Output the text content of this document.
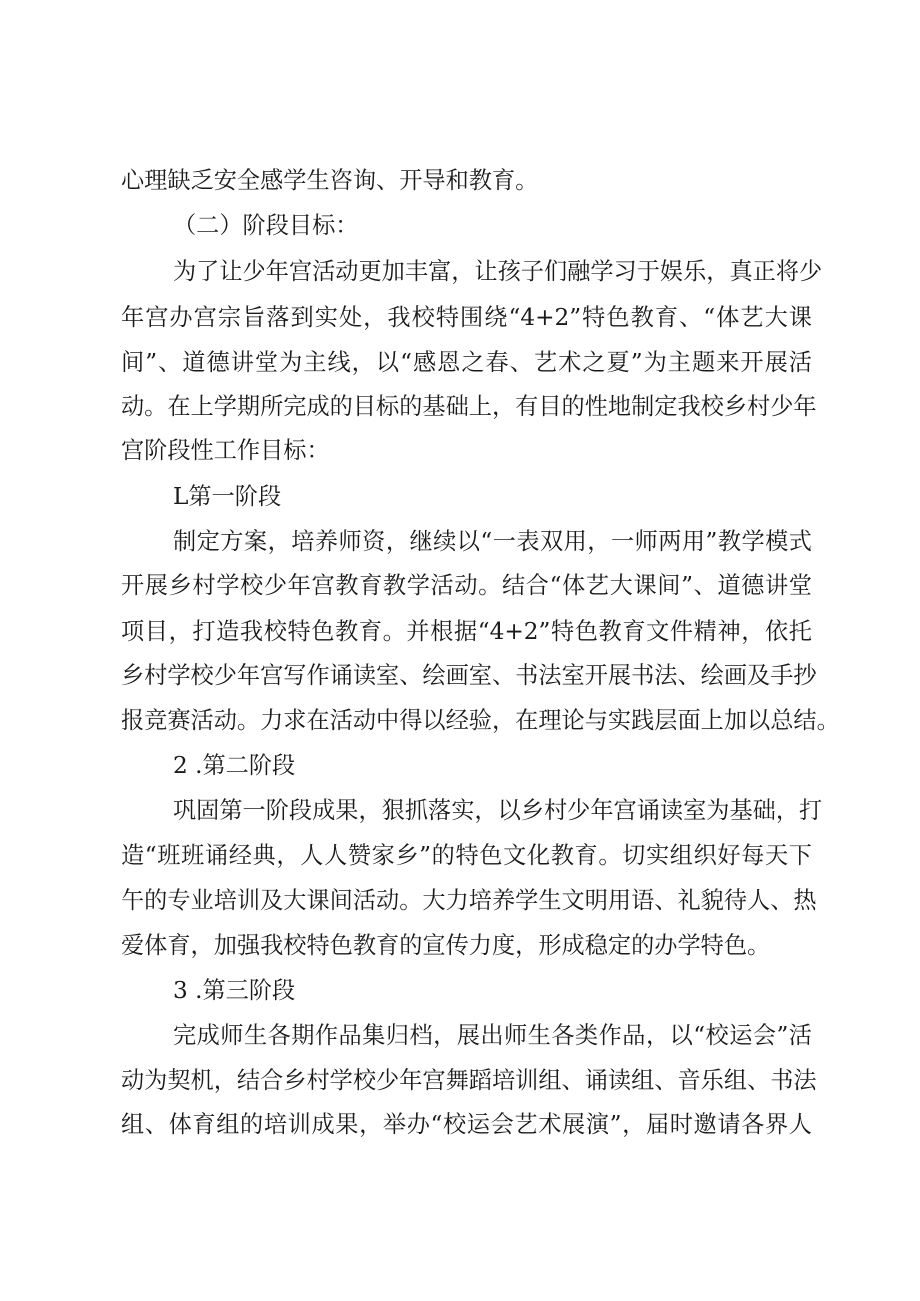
心理缺乏安全感学生咨询、开导和教育。
（二）阶段目标：
为了让少年宫活动更加丰富，让孩子们融学习于娱乐，真正将少
年宫办宫宗旨落到实处，我校特围绕“4+2”特色教育、“体艺大课
间”、道德讲堂为主线，以“感恩之春、艺术之夏”为主题来开展活
动。在上学期所完成的目标的基础上，有目的性地制定我校乡村少年
宫阶段性工作目标：
L第一阶段
制定方案，培养师资，继续以“一表双用，一师两用”教学模式
开展乡村学校少年宫教育教学活动。结合“体艺大课间”、道德讲堂
项目，打造我校特色教育。并根据“4+2”特色教育文件精神，依托
乡村学校少年宫写作诵读室、绘画室、书法室开展书法、绘画及手抄
报竞赛活动。力求在活动中得以经验，在理论与实践层面上加以总结。
2 .第二阶段
巩固第一阶段成果，狠抓落实，以乡村少年宫诵读室为基础，打
造“班班诵经典，人人赞家乡”的特色文化教育。切实组织好每天下
午的专业培训及大课间活动。大力培养学生文明用语、礼貌待人、热
爱体育，加强我校特色教育的宣传力度，形成稳定的办学特色。
3 .第三阶段
完成师生各期作品集归档，展出师生各类作品，以“校运会”活
动为契机，结合乡村学校少年宫舞蹈培训组、诵读组、音乐组、书法
组、体育组的培训成果，举办“校运会艺术展演”，届时邀请各界人
